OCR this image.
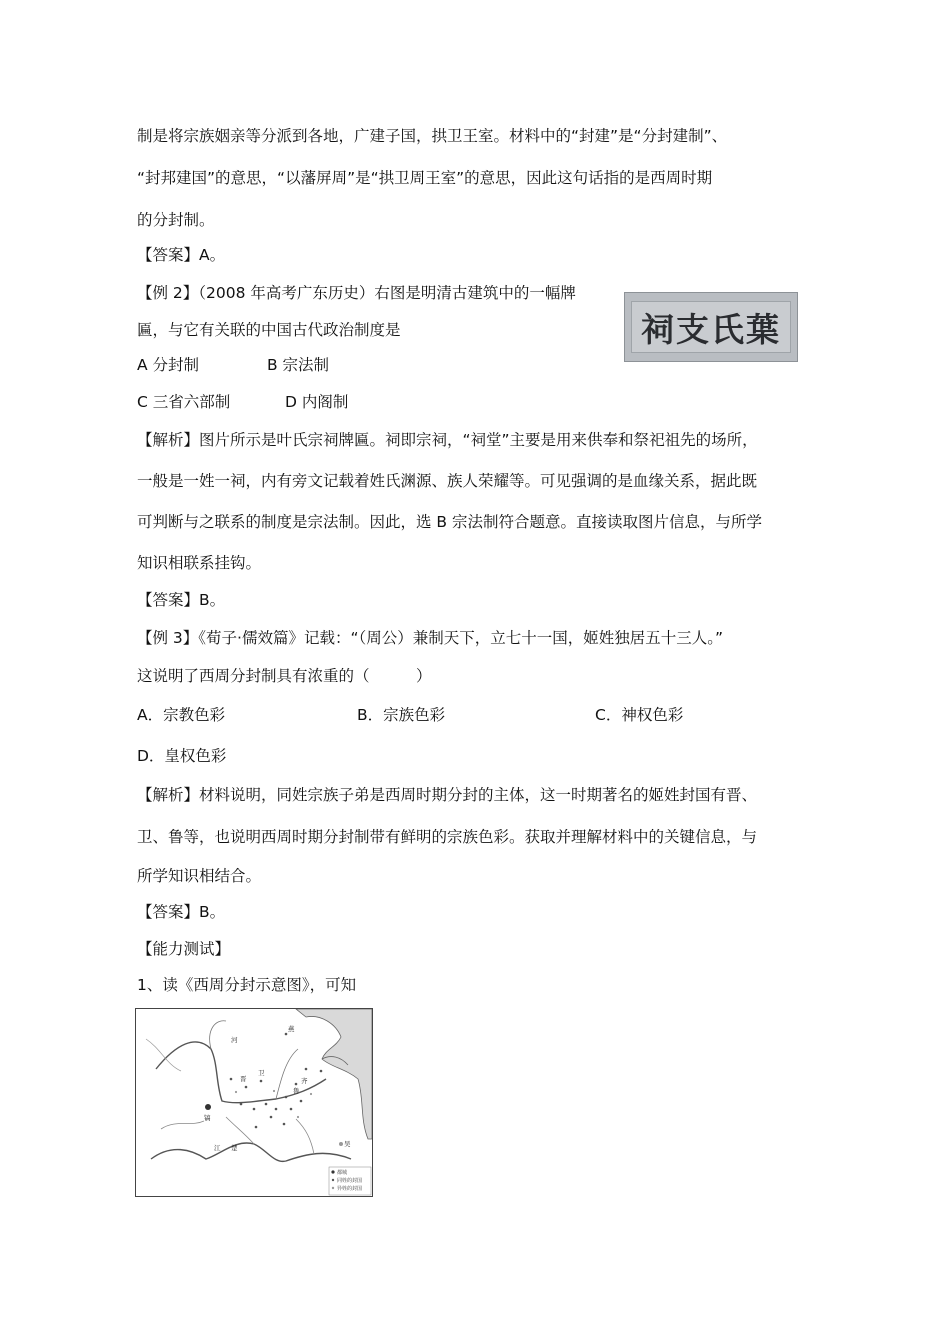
制是将宗族姻亲等分派到各地，广建子国，拱卫王室。材料中的“封建”是“分封建制”、
“封邦建国”的意思，“以藩屏周”是“拱卫周王室”的意思，因此这句话指的是西周时期
的分封制。
【答案】A。
【例 2】（2008 年高考广东历史）右图是明清古建筑中的一幅牌
匾，与它有关联的中国古代政治制度是
A 分封制	B 宗法制
C 三省六部制	D 内阁制
【解析】图片所示是叶氏宗祠牌匾。祠即宗祠，“祠堂”主要是用来供奉和祭祀祖先的场所，
一般是一姓一祠，内有旁文记载着姓氏渊源、族人荣耀等。可见强调的是血缘关系，据此既
可判断与之联系的制度是宗法制。因此，选 B 宗法制符合题意。直接读取图片信息，与所学
知识相联系挂钩。
【答案】B。
【例 3】《荀子·儒效篇》记载：“（周公）兼制天下，立七十一国，姬姓独居五十三人。”
这说明了西周分封制具有浓重的（　　　）
A．宗教色彩	B．宗族色彩	C．神权色彩
D．皇权色彩
【解析】材料说明，同姓宗族子弟是西周时期分封的主体，这一时期著名的姬姓封国有晋、
卫、鲁等，也说明西周时期分封制带有鲜明的宗族色彩。获取并理解材料中的关键信息，与
所学知识相结合。
【答案】B。
【能力测试】
1、读《西周分封示意图》，可知
祠支氏葉
燕
齐
鲁
卫
晋
镐
楚	吴
江
河
都城
同姓的封国
异姓的封国
